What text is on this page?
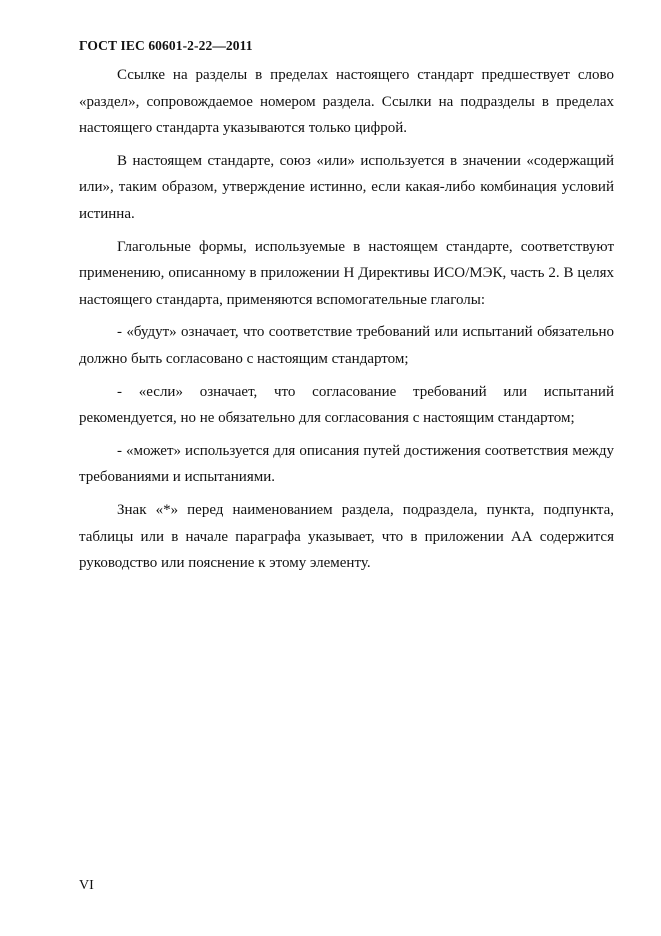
ГОСТ IEC 60601-2-22—2011

Ссылке на разделы в пределах настоящего стандарт предшествует слово «раздел», сопровождаемое номером раздела. Ссылки на подразделы в пределах настоящего стандарта указываются только цифрой.

В настоящем стандарте, союз «или» используется в значении «содержащий или», таким образом, утверждение истинно, если какая-либо комбинация условий истинна.

Глагольные формы, используемые в настоящем стандарте, соответствуют применению, описанному в приложении Н Директивы ИСО/МЭК, часть 2. В целях настоящего стандарта, применяются вспомогательные глаголы:

- «будут» означает, что соответствие требований или испытаний обязательно должно быть согласовано с настоящим стандартом;

- «если» означает, что согласование требований или испытаний рекомендуется, но не обязательно для согласования с настоящим стандартом;

- «может» используется для описания путей достижения соответствия между требованиями и испытаниями.

Знак «*» перед наименованием раздела, подраздела, пункта, подпункта, таблицы или в начале параграфа указывает, что в приложении АА содержится руководство или пояснение к этому элементу.

VI
